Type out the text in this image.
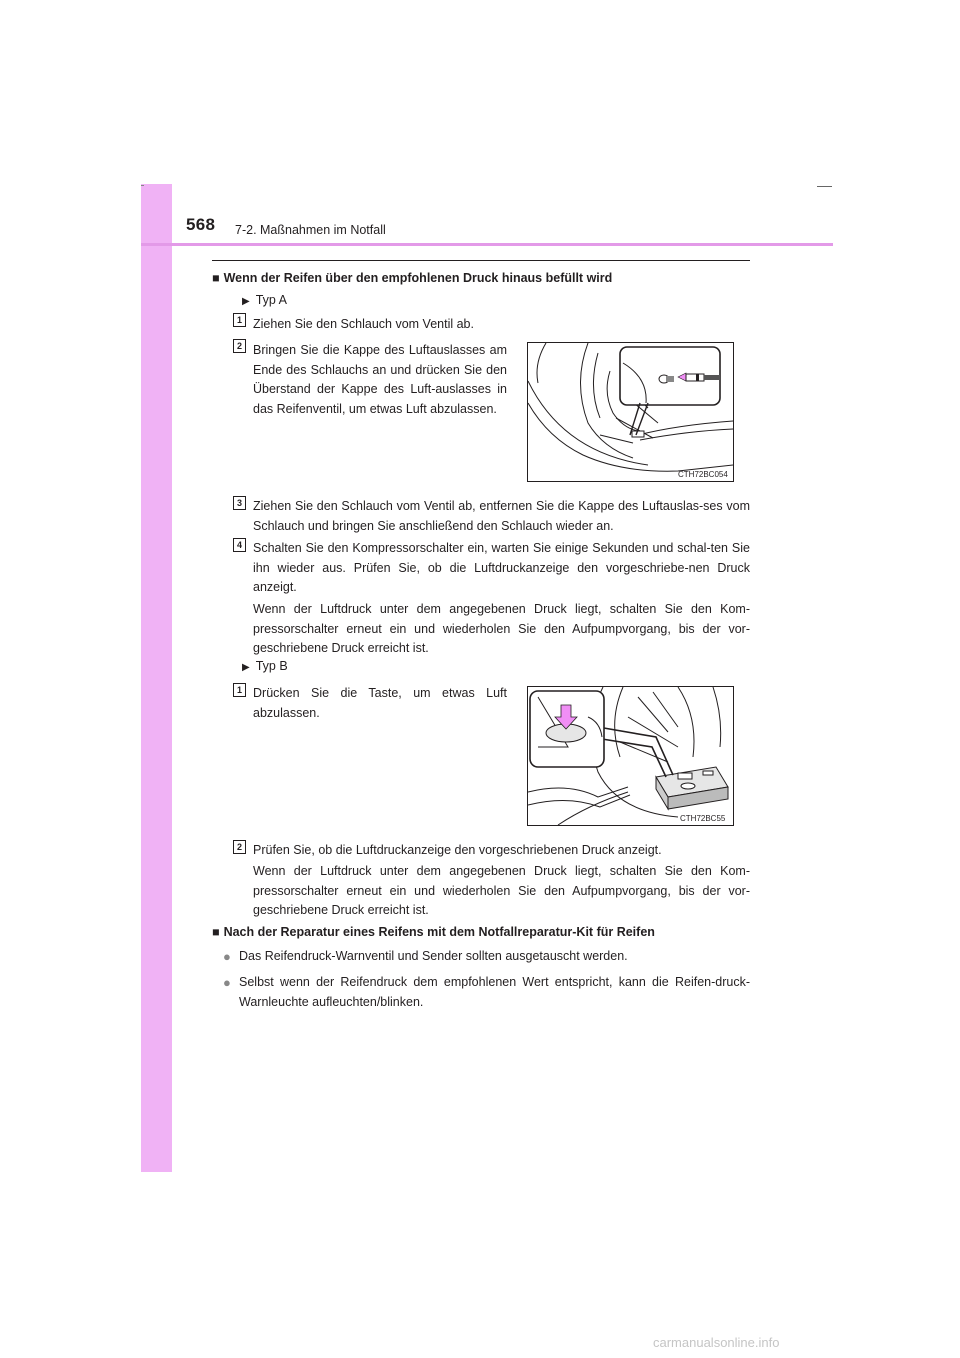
568 7-2. Maßnahmen im Notfall
■ Wenn der Reifen über den empfohlenen Druck hinaus befüllt wird
▶ Typ A
1 Ziehen Sie den Schlauch vom Ventil ab.

2 Bringen Sie die Kappe des Luftauslasses am Ende des Schlauchs an und drücken Sie den Überstand der Kappe des Luft-auslasses in das Reifenventil, um etwas Luft abzulassen.

CTH72BC054
3 Ziehen Sie den Schlauch vom Ventil ab, entfernen Sie die Kappe des Luftauslas-ses vom Schlauch und bringen Sie anschließend den Schlauch wieder an.

4 Schalten Sie den Kompressorschalter ein, warten Sie einige Sekunden und schal-ten Sie ihn wieder aus. Prüfen Sie, ob die Luftdruckanzeige den vorgeschriebe-nen Druck anzeigt.

Wenn der Luftdruck unter dem angegebenen Druck liegt, schalten Sie den Kom-pressorschalter erneut ein und wiederholen Sie den Aufpumpvorgang, bis der vor-geschriebene Druck erreicht ist.

▶ Typ B
1 Drücken Sie die Taste, um etwas Luft abzulassen.

CTH72BC55
2 Prüfen Sie, ob die Luftdruckanzeige den vorgeschriebenen Druck anzeigt.

Wenn der Luftdruck unter dem angegebenen Druck liegt, schalten Sie den Kom-pressorschalter erneut ein und wiederholen Sie den Aufpumpvorgang, bis der vor-geschriebene Druck erreicht ist.

■ Nach der Reparatur eines Reifens mit dem Notfallreparatur-Kit für Reifen
● Das Reifendruck-Warnventil und Sender sollten ausgetauscht werden.
● Selbst wenn der Reifendruck dem empfohlenen Wert entspricht, kann die Reifen-druck-Warnleuchte aufleuchten/blinken.
carmanualsonline.info
